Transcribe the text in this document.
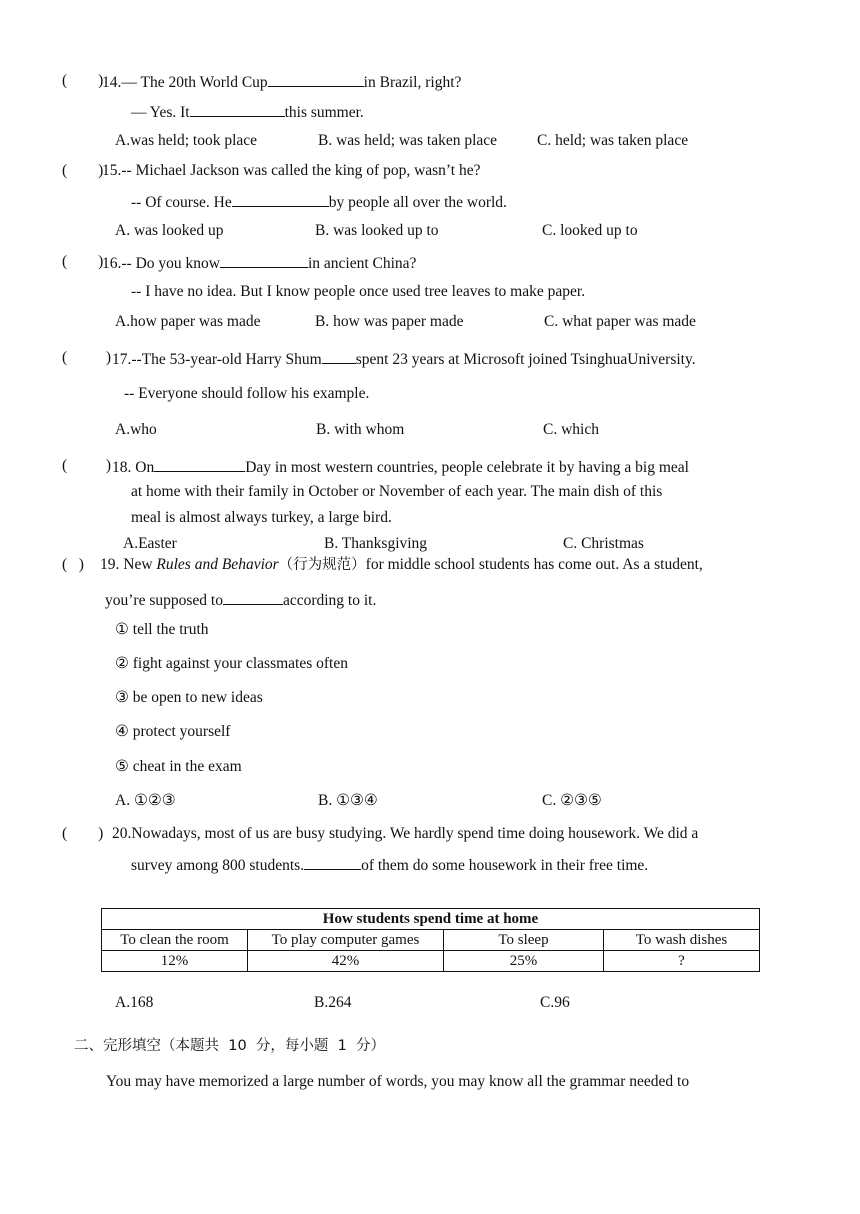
(        )
14.— The 20th World Cup	in Brazil, right?
— Yes. It	this summer.
A.was held; took place	B. was held; was taken place	C. held; was taken place
(        )
15.-- Michael Jackson was called the king of pop, wasn’t he?
-- Of course. He	by people all over the world.
A. was looked up	B. was looked up to	C. looked up to
(        )
16.-- Do you know	in ancient China?
-- I have no idea. But I know people once used tree leaves to make paper.
A.how paper was made	B. how was paper made	C. what paper was made
(          ) 17.--The 53-year-old Harry Shum spent 23 years at Microsoft joined TsinghuaUniversity.
-- Everyone should follow his example.
A.who	B. with whom	C. which
(          ) 18. On	Day in most western countries, people celebrate it by having a big meal
at home with their family in October or November of each year. The main dish of this
meal is almost always turkey, a large bird.
A.Easter	B. Thanksgiving	C. Christmas
(   ) 19. New Rules and Behavior（行为规范）for middle school students has come out. As a student,
you’re supposed to	according to it.
① tell the truth
② fight against your classmates often
③ be open to new ideas
④ protect yourself
⑤ cheat in the exam
A. ①②③	B. ①③④	C. ②③⑤
(        ) 20.Nowadays, most of us are busy studying. We hardly spend time doing housework. We did a
survey among 800 students.	of them do some housework in their free time.
How students spend time at home			
To clean the room	To play computer games	To sleep	To wash dishes
12%	42%	25%	?
A.168	B.264	C.96
二、完形填空（本题共  10  分，每小题  1  分）
You may have memorized a large number of words, you may know all the grammar needed to
